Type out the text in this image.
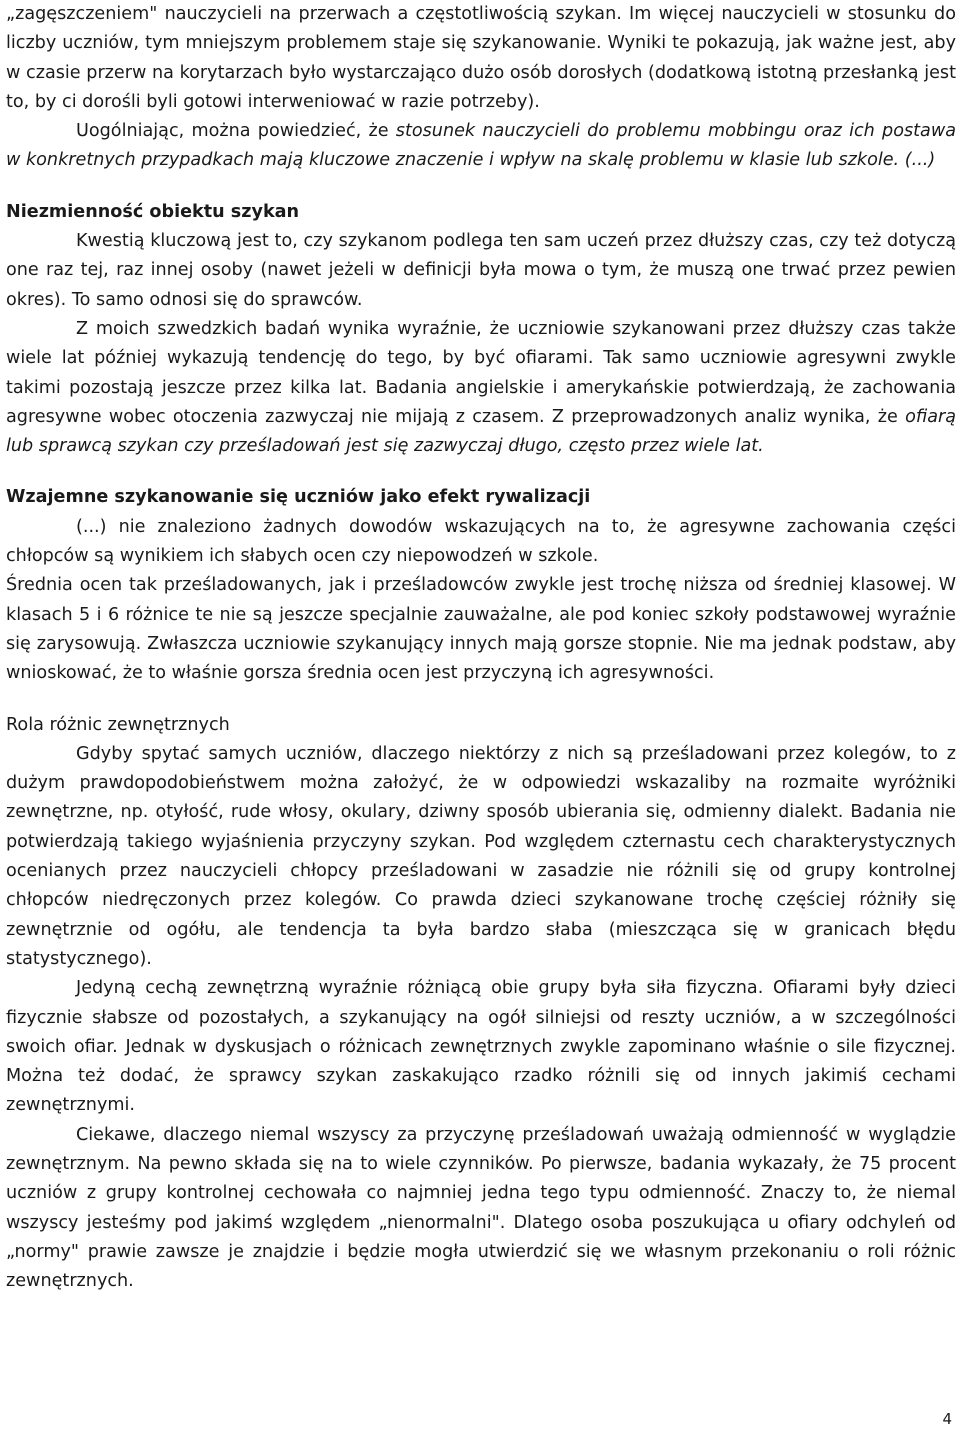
„zagęszczeniem" nauczycieli na przerwach a częstotliwością szykan. Im więcej nauczycieli w stosunku do liczby uczniów, tym mniejszym problemem staje się szykanowanie. Wyniki te pokazują, jak ważne jest, aby w czasie przerw na korytarzach było wystarczająco dużo osób dorosłych (dodatkową istotną przesłanką jest to, by ci dorośli byli gotowi interweniować w razie potrzeby).

Uogólniając, można powiedzieć, że stosunek nauczycieli do problemu mobbingu oraz ich postawa w konkretnych przypadkach mają kluczowe znaczenie i wpływ na skalę problemu w klasie lub szkole. (...)

Niezmienność obiektu szykan

Kwestią kluczową jest to, czy szykanom podlega ten sam uczeń przez dłuższy czas, czy też dotyczą one raz tej, raz innej osoby (nawet jeżeli w definicji była mowa o tym, że muszą one trwać przez pewien okres). To samo odnosi się do sprawców.

Z moich szwedzkich badań wynika wyraźnie, że uczniowie szykanowani przez dłuższy czas także wiele lat później wykazują tendencję do tego, by być ofiarami. Tak samo uczniowie agresywni zwykle takimi pozostają jeszcze przez kilka lat. Badania angielskie i amerykańskie potwierdzają, że zachowania agresywne wobec otoczenia zazwyczaj nie mijają z czasem. Z przeprowadzonych analiz wynika, że ofiarą lub sprawcą szykan czy prześladowań jest się zazwyczaj długo, często przez wiele lat.

Wzajemne szykanowanie się uczniów jako efekt rywalizacji

(...) nie znaleziono żadnych dowodów wskazujących na to, że agresywne zachowania części chłopców są wynikiem ich słabych ocen czy niepowodzeń w szkole.

Średnia ocen tak prześladowanych, jak i prześladowców zwykle jest trochę niższa od średniej klasowej. W klasach 5 i 6 różnice te nie są jeszcze specjalnie zauważalne, ale pod koniec szkoły podstawowej wyraźnie się zarysowują. Zwłaszcza uczniowie szykanujący innych mają gorsze stopnie. Nie ma jednak podstaw, aby wnioskować, że to właśnie gorsza średnia ocen jest przyczyną ich agresywności.

Rola różnic zewnętrznych

Gdyby spytać samych uczniów, dlaczego niektórzy z nich są prześladowani przez kolegów, to z dużym prawdopodobieństwem można założyć, że w odpowiedzi wskazaliby na rozmaite wyróżniki zewnętrzne, np. otyłość, rude włosy, okulary, dziwny sposób ubierania się, odmienny dialekt. Badania nie potwierdzają takiego wyjaśnienia przyczyny szykan. Pod względem czternastu cech charakterystycznych ocenianych przez nauczycieli chłopcy prześladowani w zasadzie nie różnili się od grupy kontrolnej chłopców niedręczonych przez kolegów. Co prawda dzieci szykanowane trochę częściej różniły się zewnętrznie od ogółu, ale tendencja ta była bardzo słaba (mieszcząca się w granicach błędu statystycznego).

Jedyną cechą zewnętrzną wyraźnie różniącą obie grupy była siła fizyczna. Ofiarami były dzieci fizycznie słabsze od pozostałych, a szykanujący na ogół silniejsi od reszty uczniów, a w szczególności swoich ofiar. Jednak w dyskusjach o różnicach zewnętrznych zwykle zapominano właśnie o sile fizycznej. Można też dodać, że sprawcy szykan zaskakująco rzadko różnili się od innych jakimiś cechami zewnętrznymi.

Ciekawe, dlaczego niemal wszyscy za przyczynę prześladowań uważają odmienność w wyglądzie zewnętrznym. Na pewno składa się na to wiele czynników. Po pierwsze, badania wykazały, że 75 procent uczniów z grupy kontrolnej cechowała co najmniej jedna tego typu odmienność. Znaczy to, że niemal wszyscy jesteśmy pod jakimś względem „nienormalni". Dlatego osoba poszukująca u ofiary odchyleń od „normy" prawie zawsze je znajdzie i będzie mogła utwierdzić się we własnym przekonaniu o roli różnic zewnętrznych.

4
